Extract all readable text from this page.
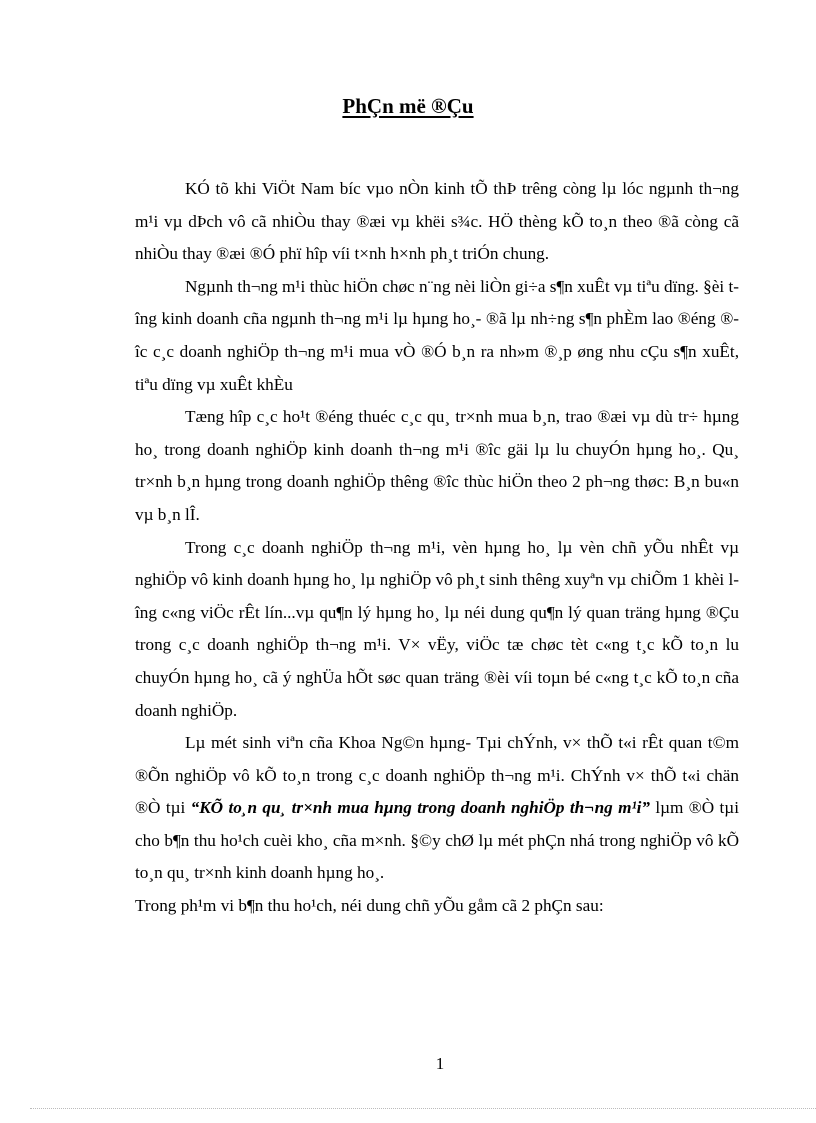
PhÇn më ®Çu

KÓ tõ khi ViÖt Nam bíc vµo nÒn kinh tÕ thÞ trêng còng lµ lóc ngµnh th¬ng m¹i vµ dÞch vô cã nhiÒu thay ®æi vµ khëi s¾c. HÖ thèng kÕ to¸n theo ®ã còng cã nhiÒu thay ®æi ®Ó phï hîp víi t×nh h×nh ph¸t triÓn chung.

Ngµnh th¬ng m¹i thùc hiÖn chøc n¨ng nèi liÒn gi÷a s¶n xuÊt vµ tiªu dïng. §èi tîng kinh doanh cña ngµnh th¬ng m¹i lµ hµng ho¸- ®ã lµ nh÷ng s¶n phÈm lao ®éng ®îc c¸c doanh nghiÖp th¬ng m¹i mua vÒ ®Ó b¸n ra nh»m ®¸p øng nhu cÇu s¶n xuÊt, tiªu dïng vµ xuÊt khÈu

Tæng hîp c¸c ho¹t ®éng thuéc c¸c qu¸ tr×nh mua b¸n, trao ®æi vµ dù tr÷ hµng ho¸ trong doanh nghiÖp kinh doanh th¬ng m¹i ®îc gäi lµ lu chuyÓn hµng ho¸. Qu¸ tr×nh b¸n hµng trong doanh nghiÖp thêng ®îc thùc hiÖn theo 2 ph¬ng thøc: B¸n bu«n vµ b¸n lÎ.

Trong c¸c doanh nghiÖp th¬ng m¹i, vèn hµng ho¸ lµ vèn chñ yÕu nhÊt vµ nghiÖp vô kinh doanh hµng ho¸ lµ nghiÖp vô ph¸t sinh thêng xuyªn vµ chiÕm 1 khèi lîng c«ng viÖc rÊt lín...vµ qu¶n lý hµng ho¸ lµ néi dung qu¶n lý quan träng hµng ®Çu trong c¸c doanh nghiÖp th¬ng m¹i. V× vËy, viÖc tæ chøc tèt c«ng t¸c kÕ to¸n lu chuyÓn hµng ho¸ cã ý nghÜa hÕt søc quan träng ®èi víi toµn bé c«ng t¸c kÕ to¸n cña doanh nghiÖp.

Lµ mét sinh viªn cña Khoa Ng©n hµng- Tµi chÝnh, v× thÕ t«i rÊt quan t©m ®Õn nghiÖp vô kÕ to¸n trong c¸c doanh nghiÖp th¬ng m¹i. ChÝnh v× thÕ t«i chän ®Ò tµi “KÕ to¸n qu¸ tr×nh mua hµng trong doanh nghiÖp th¬ng m¹i” lµm ®Ò tµi cho b¶n thu ho¹ch cuèi kho¸ cña m×nh. §©y chØ lµ mét phÇn nhá trong nghiÖp vô kÕ to¸n qu¸ tr×nh kinh doanh hµng ho¸.

Trong ph¹m vi b¶n thu ho¹ch, néi dung chñ yÕu gåm cã 2 phÇn sau:

1
